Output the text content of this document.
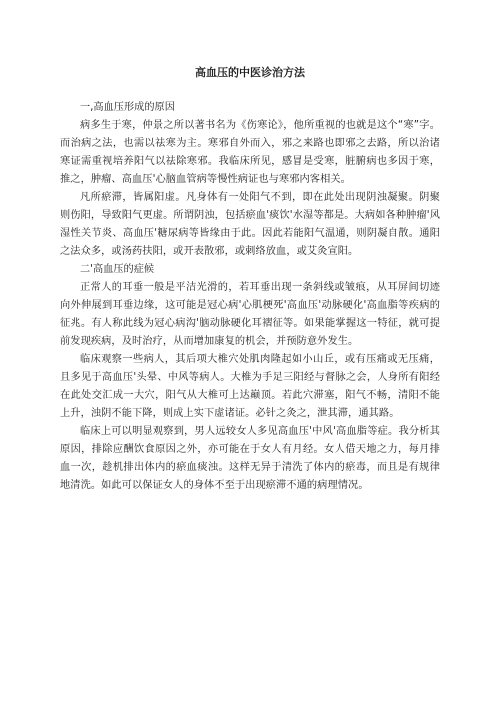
高血压的中医诊治方法

一,高血压形成的原因

病多生于寒，仲景之所以著书名为《伤寒论》，他所重视的也就是这个“寒”字。而治病之法，也需以祛寒为主。寒邪自外而入，邪之来路也即邪之去路，所以治诸寒证需重视培养阳气以祛除寒邪。我临床所见，感冒是受寒，脏腑病也多因于寒，推之，肿瘤、高血压'心脑血管病等慢性病证也与寒邪内客相关。

凡所瘀滞，皆属阳虚。凡身体有一处阳气不到，即在此处出现阴浊凝聚。阴聚则伤阳，导致阳气更虚。所谓阴浊，包括瘀血'痰饮'水湿等都是。大病如各种肿瘤'风湿性关节炎、高血压'糖尿病等皆缘由于此。因此若能阳气温通，则阴凝自散。通阳之法众多，或汤药扶阳，或开表散邪，或刺络放血，或艾灸宣阳。

二'高血压的症候

正常人的耳垂一般是平洁光滑的，若耳垂出现一条斜线或皱痕，从耳屏间切迹向外伸展到耳垂边缘，这可能是冠心病'心肌梗死'高血压'动脉硬化'高血脂等疾病的征兆。有人称此线为冠心病沟'脑动脉硬化耳褶征等。如果能掌握这一特征，就可提前发现疾病，及时治疗，从而增加康复的机会，并预防意外发生。

临床观察一些病人，其后项大椎穴处肌肉隆起如小山丘，或有压痛或无压痛，且多见于高血压'头晕、中风等病人。大椎为手足三阳经与督脉之会，人身所有阳经在此处交汇成一大穴，阳气从大椎可上达巅顶。若此穴滞塞，阳气不畅，清阳不能上升，浊阴不能下降，则成上实下虚诸证。必针之灸之，泄其滞，通其路。

临床上可以明显观察到，男人远较女人多见高血压'中风'高血脂等症。我分析其原因，排除应酬饮食原因之外，亦可能在于女人有月经。女人借天地之力，每月排血一次，趁机排出体内的瘀血痰浊。这样无异于清洗了体内的瘀毒，而且是有规律地清洗。如此可以保证女人的身体不至于出现瘀滞不通的病理情况。
